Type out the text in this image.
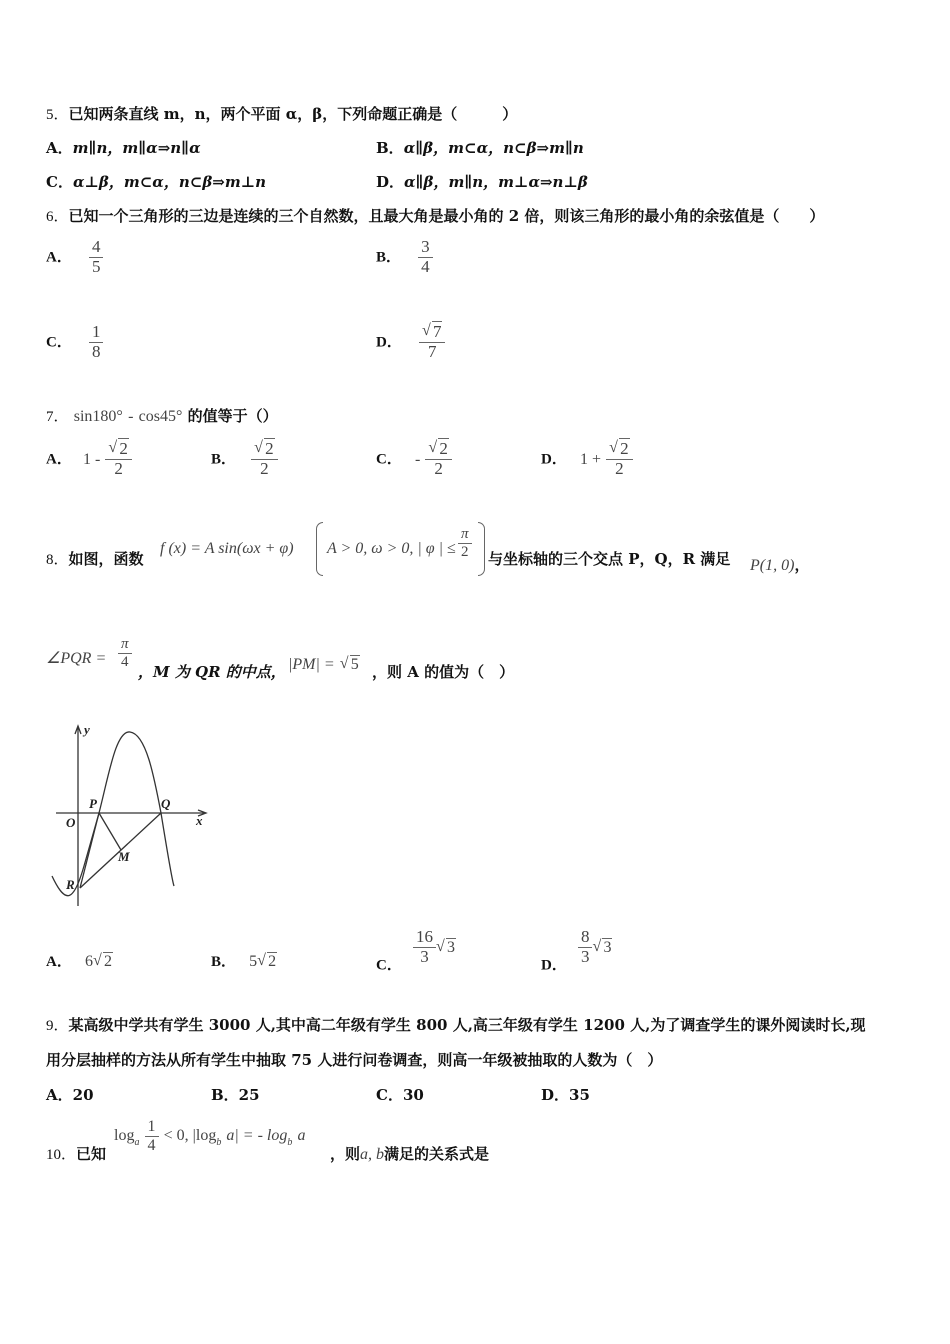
5．已知两条直线 m，n，两个平面 α，β，下列命题正确是（　　　）
A．m∥n，m∥α⇒n∥α	B．α∥β，m⊂α，n⊂β⇒m∥n
C．α⊥β，m⊂α，n⊂β⇒m⊥n	D．α∥β，m∥n，m⊥α⇒n⊥β
6．已知一个三角形的三边是连续的三个自然数，且最大角是最小角的 2 倍，则该三角形的最小角的余弦值是（　　）
A． $\frac{4}{5}$	B． $\frac{3}{4}$
C． $\frac{1}{8}$	D． √ $\frac{7}{7}$
7． sin180° - cos45° 的值等于（）
A． 1 - √ $\frac{2}{2}$	B． √ $\frac{2}{2}$	C． - √ $\frac{2}{2}$	D． 1 + √ $\frac{2}{2}$
8．如图，函数
f (x) = A sin(ωx + φ) A > 0, ω > 0, | φ | ≤ $\frac{\pi}{2}$ 与坐标轴的三个交点 P，Q，R 满足 P(1, 0)，
∠PQR = $\frac{\pi}{4}$
，M 为 QR 的中点， |PM| = √ 5 ，则 A 的值为（　）
y
x
O
P	Q
R
M
A． 6 √ 2	B． 5 √ 2	C． $\frac{16}{3}$ √ 3
D． $\frac{8}{3}$ √ 3
9．某高级中学共有学生 3000 人,其中高二年级有学生 800 人,高三年级有学生 1200 人,为了调查学生的课外阅读时长,现
用分层抽样的方法从所有学生中抽取 75 人进行问卷调查，则高一年级被抽取的人数为（　）
A．20	B．25	C．30	D．35
10．已知
$\log_a \frac{1}{4} < 0$, $|\log_b$ a| = - $\log_b a$
，则a, b满足的关系式是
